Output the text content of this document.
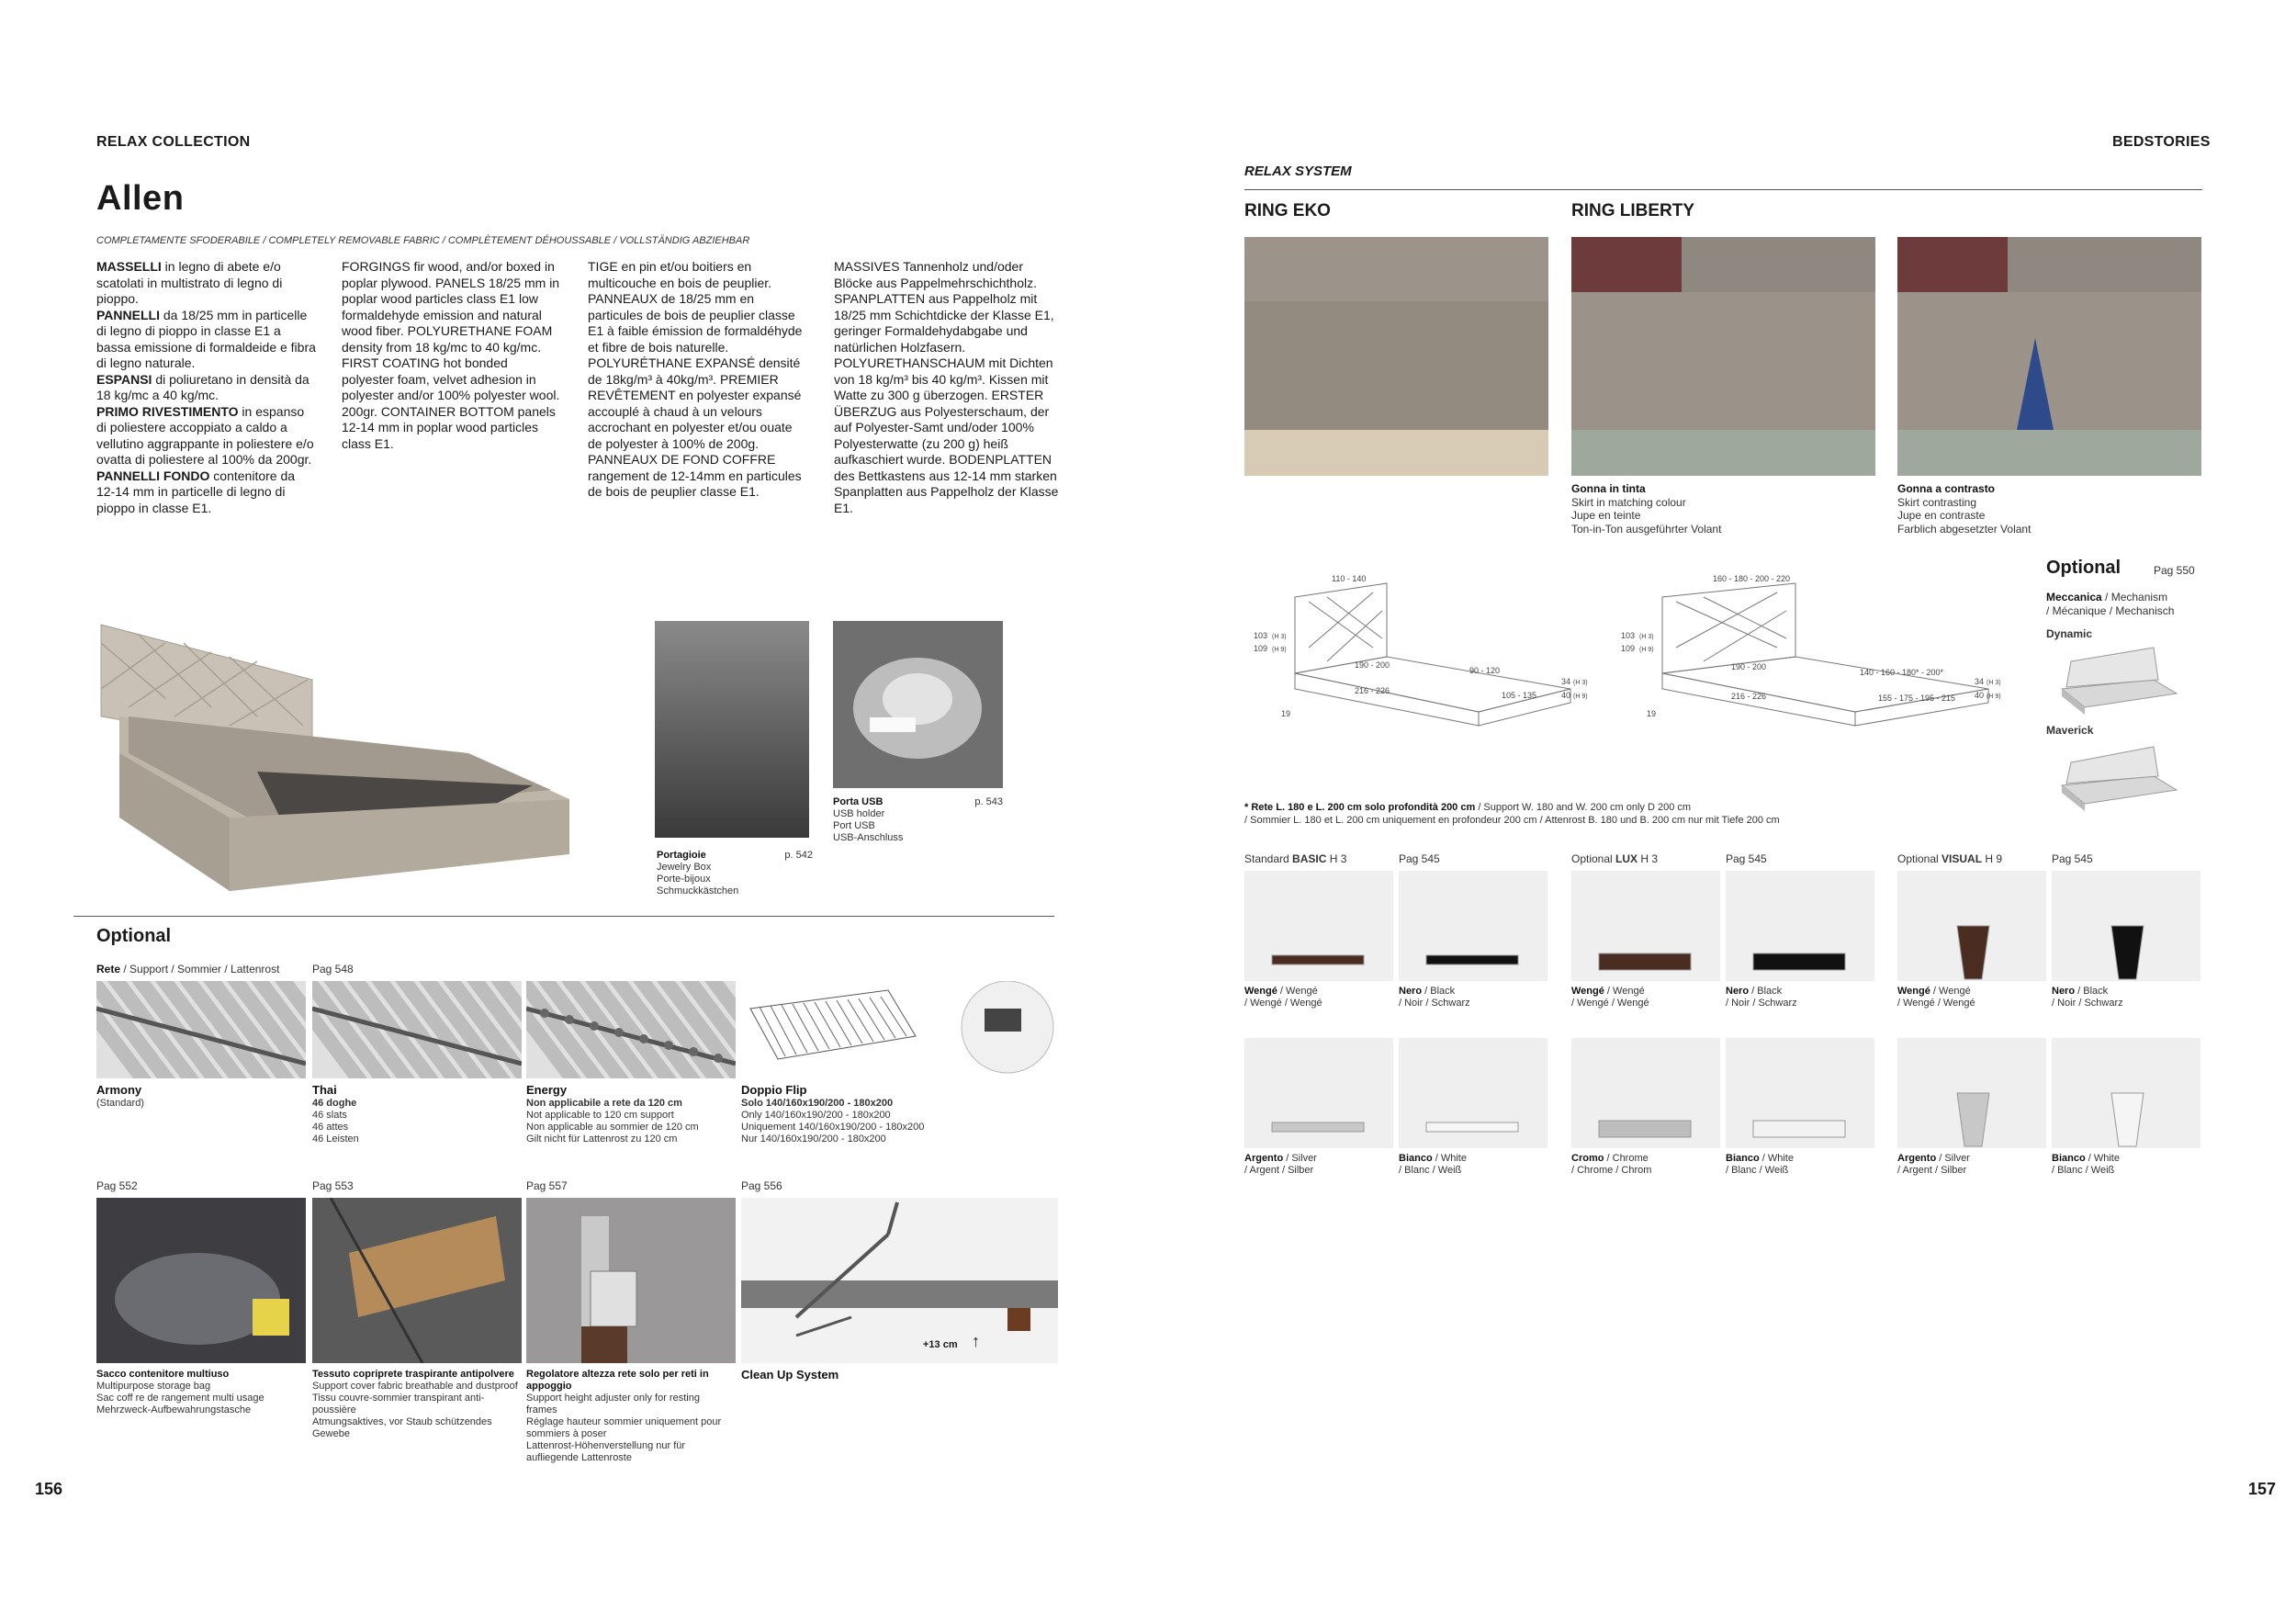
RELAX COLLECTION
Allen
COMPLETAMENTE SFODERABILE / COMPLETELY REMOVABLE FABRIC / COMPLÈTEMENT DÉHOUSSABLE / VOLLSTÄNDIG ABZIEHBAR
MASSELLI in legno di abete e/o scatolati in multistrato di legno di pioppo.
PANNELLI da 18/25 mm in particelle di legno di pioppo in classe E1 a bassa emissione di formaldeide e fibra di legno naturale.
ESPANSI di poliuretano in densità da 18 kg/mc a 40 kg/mc.
PRIMO RIVESTIMENTO in espanso di poliestere accoppiato a caldo a vellutino aggrappante in poliestere e/o ovatta di poliestere al 100% da 200gr.
PANNELLI FONDO contenitore da 12-14 mm in particelle di legno di pioppo in classe E1.
FORGINGS fir wood, and/or boxed in poplar plywood. PANELS 18/25 mm in poplar wood particles class E1 low formaldehyde emission and natural wood fiber. POLYURETHANE FOAM density from 18 kg/mc to 40 kg/mc. FIRST COATING hot bonded polyester foam, velvet adhesion in polyester and/or 100% polyester wool. 200gr. CONTAINER BOTTOM panels 12-14 mm in poplar wood particles class E1.
TIGE en pin et/ou boitiers en multicouche en bois de peuplier. PANNEAUX de 18/25 mm en particules de bois de peuplier classe E1 à faible émission de formaldéhyde et fibre de bois naturelle. POLYURÉTHANE EXPANSÉ densité de 18kg/m³ à 40kg/m³. PREMIER REVÊTEMENT en polyester expansé accouplé à chaud à un velours accrochant en polyester et/ou ouate de polyester à 100% de 200g. PANNEAUX DE FOND COFFRE rangement de 12-14mm en particules de bois de peuplier classe E1.
MASSIVES Tannenholz und/oder Blöcke aus Pappelmehrschichtholz. SPANPLATTEN aus Pappelholz mit 18/25 mm Schichtdicke der Klasse E1, geringer Formaldehydabgabe und natürlichen Holzfasern. POLYURETHANSCHAUM mit Dichten von 18 kg/m³ bis 40 kg/m³. Kissen mit Watte zu 300 g überzogen. ERSTER ÜBERZUG aus Polyesterschaum, der auf Polyester-Samt und/oder 100% Polyesterwatte (zu 200 g) heiß aufkaschiert wurde. BODENPLATTEN des Bettkastens aus 12-14 mm starken Spanplatten aus Pappelholz der Klasse E1.
Portagioie	p. 542

Jewelry Box
Porte-bijoux
Schmuckkästchen
Porta USB	p. 543

USB holder
Port USB
USB-Anschluss
Optional
Rete / Support / Sommier / Lattenrost
Armony
(Standard)
Pag 548
Thai
46 doghe
46 slats
46 attes
46 Leisten
Energy
Non applicabile a rete da 120 cm
Not applicable to 120 cm support
Non applicable au sommier de 120 cm
Gilt nicht für Lattenrost zu 120 cm
Doppio Flip
Solo 140/160x190/200 - 180x200
Only 140/160x190/200 - 180x200
Uniquement 140/160x190/200 - 180x200
Nur 140/160x190/200 - 180x200
Pag 552
Sacco contenitore multiuso
Multipurpose storage bag
Sac coff re de rangement multi usage
Mehrzweck-Aufbewahrungstasche
Pag 553
Tessuto copriprete traspirante antipolvere
Support cover fabric breathable and dustproof
Tissu couvre-sommier transpirant anti-poussière
Atmungsaktives, vor Staub schützendes Gewebe
Pag 557
Regolatore altezza rete solo per reti in appoggio
Support height adjuster only for resting frames
Réglage hauteur sommier uniquement pour sommiers à poser
Lattenrost-Höhenverstellung nur für aufliegende Lattenroste
Pag 556
+13 cm ↑
Clean Up System
156
BEDSTORIES
RELAX SYSTEM
RING EKO	RING LIBERTY
Gonna in tinta
Skirt in matching colour
Jupe en teinte
Ton-in-Ton ausgeführter Volant
Gonna a contrasto
Skirt contrasting
Jupe en contraste
Farblich abgesetzter Volant
110 - 140
103 (H 3)
109 (H 9)
190 - 200
216 - 226
90 - 120
105 - 135
34 (H 3)
40 (H 9)
19
160 - 180 - 200 - 220
103 (H 3)
109 (H 9)
190 - 200
216 - 226
140 - 160 - 180* - 200*
155 - 175 - 195 - 215
34 (H 3)
40 (H 9)
19
Optional	Pag 550
Meccanica / Mechanism
/ Mécanique / Mechanisch
Dynamic
Maverick
* Rete L. 180 e L. 200 cm solo profondità 200 cm / Support W. 180 and W. 200 cm only D 200 cm
/ Sommier L. 180 et L. 200 cm uniquement en profondeur 200 cm / Attenrost B. 180 und B. 200 cm nur mit Tiefe 200 cm
Standard BASIC H 3	Pag 545
Wengé / Wengé
/ Wengé / Wengé
Nero / Black
/ Noir / Schwarz
Argento / Silver
/ Argent / Silber
Bianco / White
/ Blanc / Weiß
Optional LUX H 3	Pag 545
Wengé / Wengé
/ Wengé / Wengé
Nero / Black
/ Noir / Schwarz
Cromo / Chrome
/ Chrome / Chrom
Bianco / White
/ Blanc / Weiß
Optional VISUAL H 9	Pag 545
Wengé / Wengé
/ Wengé / Wengé
Nero / Black
/ Noir / Schwarz
Argento / Silver
/ Argent / Silber
Bianco / White
/ Blanc / Weiß
157
